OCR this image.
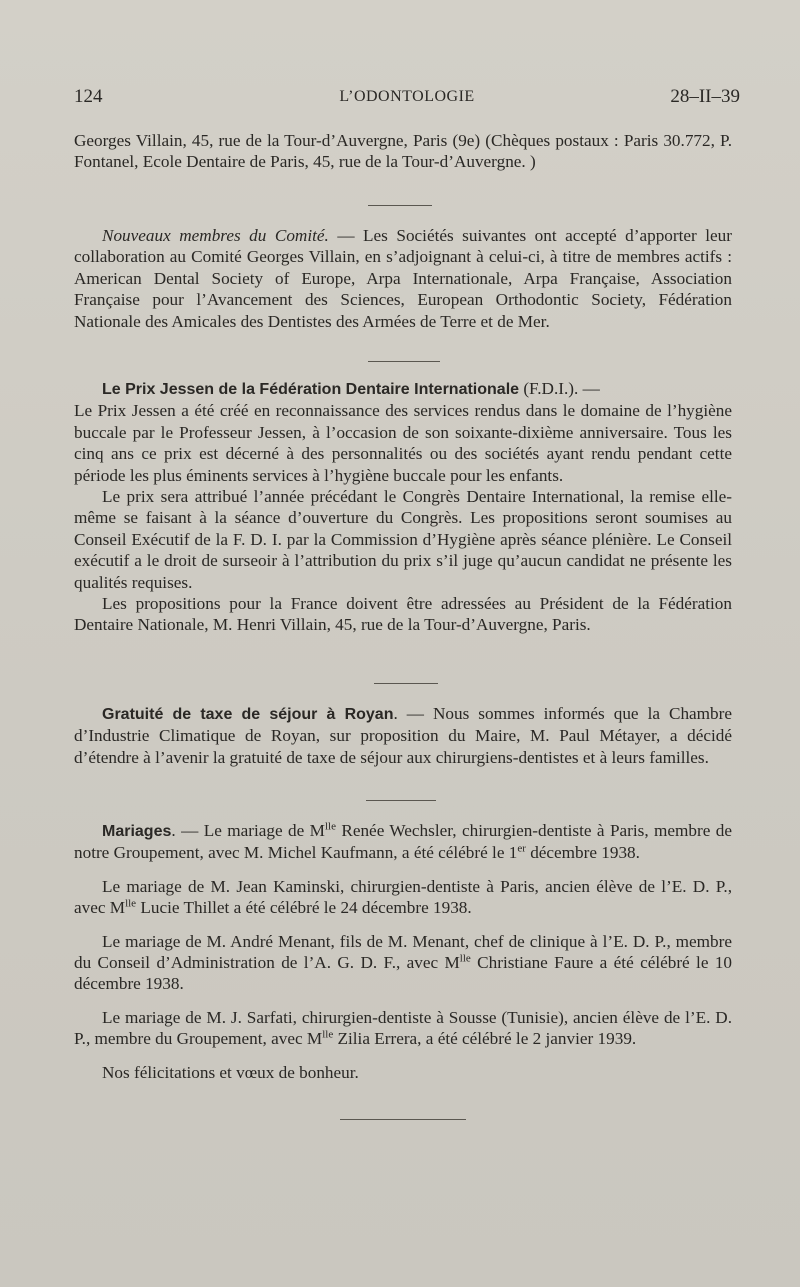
124	L’ODONTOLOGIE	28–II–39

Georges Villain, 45, rue de la Tour-d’Auvergne, Paris (9e) (Chèques postaux : Paris 30.772, P. Fontanel, Ecole Dentaire de Paris, 45, rue de la Tour-d’Auvergne. )

Nouveaux membres du Comité. — Les Sociétés suivantes ont accepté d’apporter leur collaboration au Comité Georges Villain, en s’adjoignant à celui-ci, à titre de membres actifs : American Dental Society of Europe, Arpa Internationale, Arpa Française, Association Française pour l’Avancement des Sciences, European Orthodontic Society, Fédération Nationale des Amicales des Dentistes des Armées de Terre et de Mer.

Le Prix Jessen de la Fédération Dentaire Internationale (F.D.I.). —

Le Prix Jessen a été créé en reconnaissance des services rendus dans le domaine de l’hygiène buccale par le Professeur Jessen, à l’occasion de son soixante-dixième anniversaire. Tous les cinq ans ce prix est décerné à des personnalités ou des sociétés ayant rendu pendant cette période les plus éminents services à l’hygiène buccale pour les enfants.

Le prix sera attribué l’année précédant le Congrès Dentaire International, la remise elle-même se faisant à la séance d’ouverture du Congrès. Les propositions seront soumises au Conseil Exécutif de la F. D. I. par la Commission d’Hygiène après séance plénière. Le Conseil exécutif a le droit de surseoir à l’attribution du prix s’il juge qu’aucun candidat ne présente les qualités requises.

Les propositions pour la France doivent être adressées au Président de la Fédération Dentaire Nationale, M. Henri Villain, 45, rue de la Tour-d’Auvergne, Paris.

Gratuité de taxe de séjour à Royan. — Nous sommes informés que la Chambre d’Industrie Climatique de Royan, sur proposition du Maire, M. Paul Métayer, a décidé d’étendre à l’avenir la gratuité de taxe de séjour aux chirurgiens-dentistes et à leurs familles.

Mariages. — Le mariage de $M^{lle}$ Renée Wechsler, chirurgien-dentiste à Paris, membre de notre Groupement, avec M. Michel Kaufmann, a été célébré le 1er décembre 1938.

Le mariage de M. Jean Kaminski, chirurgien-dentiste à Paris, ancien élève de l’E. D. P., avec $M^{lle}$ Lucie Thillet a été célébré le 24 décembre 1938.

Le mariage de M. André Menant, fils de M. Menant, chef de clinique à l’E. D. P., membre du Conseil d’Administration de l’A. G. D. F., avec $M^{lle}$ Christiane Faure a été célébré le 10 décembre 1938.

Le mariage de M. J. Sarfati, chirurgien-dentiste à Sousse (Tunisie), ancien élève de l’E. D. P., membre du Groupement, avec $M^{lle}$ Zilia Errera, a été célébré le 2 janvier 1939.

Nos félicitations et vœux de bonheur.
